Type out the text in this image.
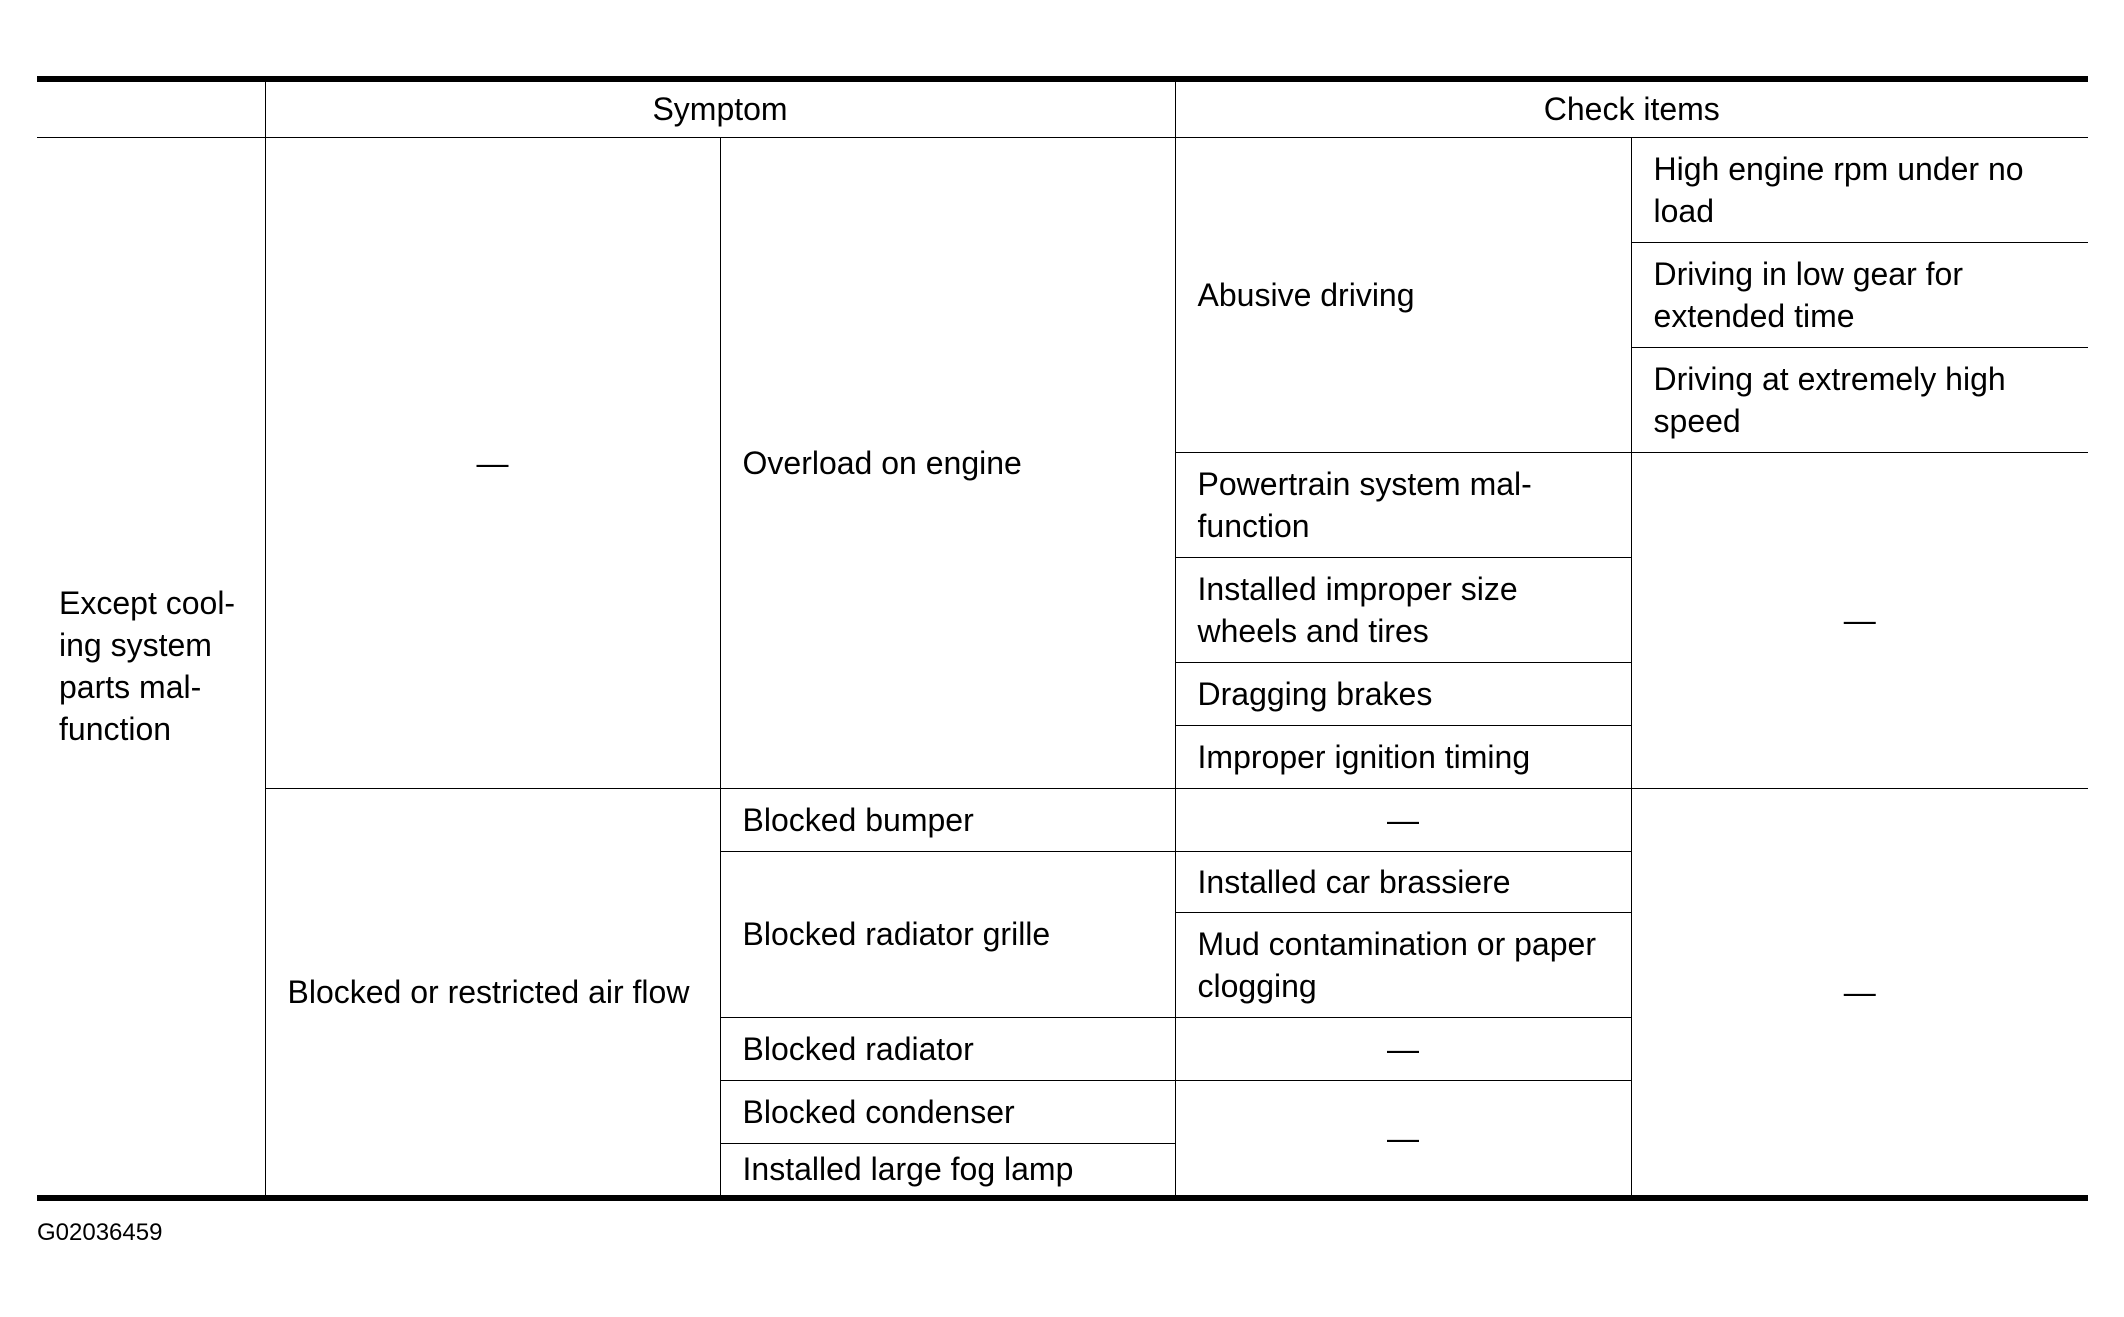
	Symptom		Check items	
Except cool-ing system parts mal-function	—	Overload on engine	Abusive driving	High engine rpm under no load
				Driving in low gear for extended time
				Driving at extremely high speed
			Powertrain system mal-function	—
			Installed improper size wheels and tires	
			Dragging brakes	
			Improper ignition timing	
	Blocked or restricted air flow	Blocked bumper	—	—
		Blocked radiator grille	Installed car brassiere	
			Mud contamination or paper clogging	
		Blocked radiator	—	
		Blocked condenser	—	
		Installed large fog lamp		
G02036459
